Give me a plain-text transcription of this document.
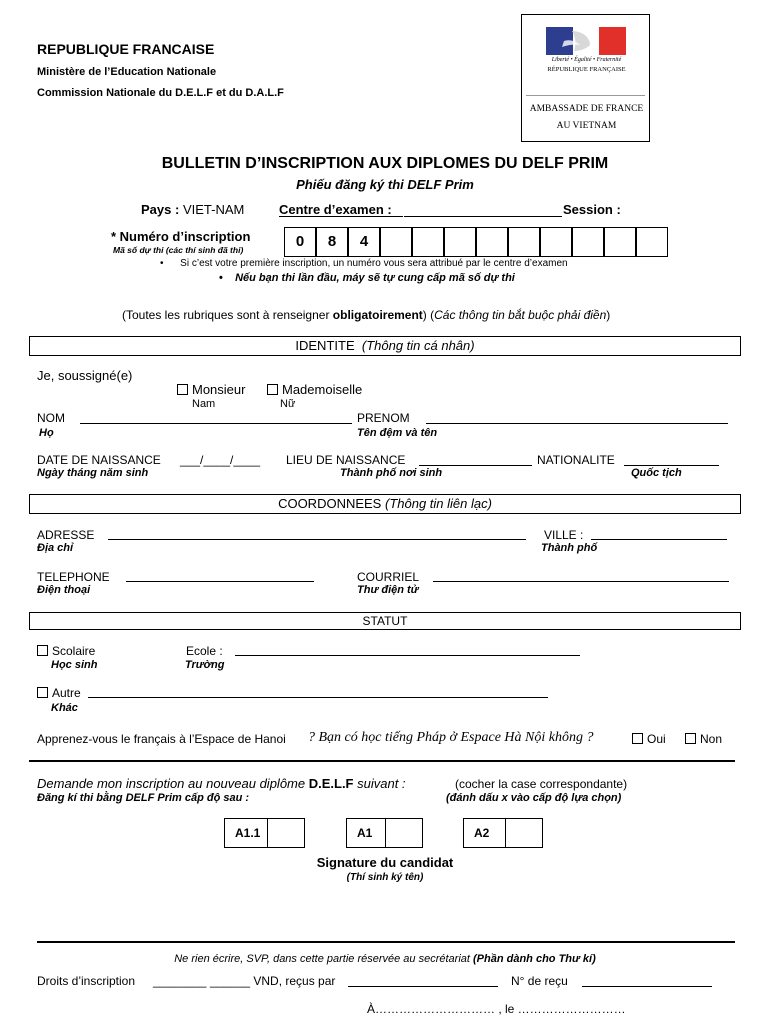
REPUBLIQUE FRANCAISE
Ministère de l’Education Nationale
Commission Nationale du D.E.L.F et du D.A.L.F
Liberté • Égalité • Fraternité
RÉPUBLIQUE FRANÇAISE
AMBASSADE DE FRANCE
AU VIETNAM
BULLETIN D’INSCRIPTION AUX DIPLOMES DU DELF PRIM
Phiếu đăng ký thi DELF Prim
Pays : VIET-NAM	Centre d’examen :	Session :
* Numéro d’inscription
Mã số dự thi (các thí sinh đã thi)	0	8	4
•      Si c’est votre première inscription, un numéro vous sera attribué par le centre d’examen
• Nếu bạn thi lần đầu, máy sẽ tự cung cấp mã số dự thi
(Toutes les rubriques sont à renseigner obligatoirement) (Các thông tin bắt buộc phải điền)
IDENTITE (Thông tin cá nhân)
Je, soussigné(e)
Monsieur
Nam
Mademoiselle
Nữ
NOM
Họ
PRENOM
Tên đệm và tên
DATE DE NAISSANCE ___/____/____
Ngày tháng năm sinh
LIEU DE NAISSANCE
Thành phố nơi sinh
NATIONALITE
Quốc tịch
COORDONNEES (Thông tin liên lạc)
ADRESSE
Địa chỉ
VILLE :
Thành phố
TELEPHONE
Điện thoại
COURRIEL
Thư điện tử
STATUT
Scolaire
Học sinh
Ecole :
Trường
Autre
Khác
Apprenez-vous le français à l’Espace de Hanoi ? Bạn có học tiếng Pháp ở Espace Hà Nội không ?	Oui	Non
Demande mon inscription au nouveau diplôme D.E.L.F suivant :	(cocher la case correspondante)
Đăng kí thi bằng DELF Prim cấp độ sau :	(đánh dấu x vào cấp độ lựa chọn)
A1.1	A1	A2
Signature du candidat
(Thí sinh ký tên)
Ne rien écrire, SVP, dans cette partie réservée au secrétariat (Phần dành cho Thư kí)
Droits d’inscription ________ ______ VND, reçus par	N° de reçu
À………………………… , le ………………………
